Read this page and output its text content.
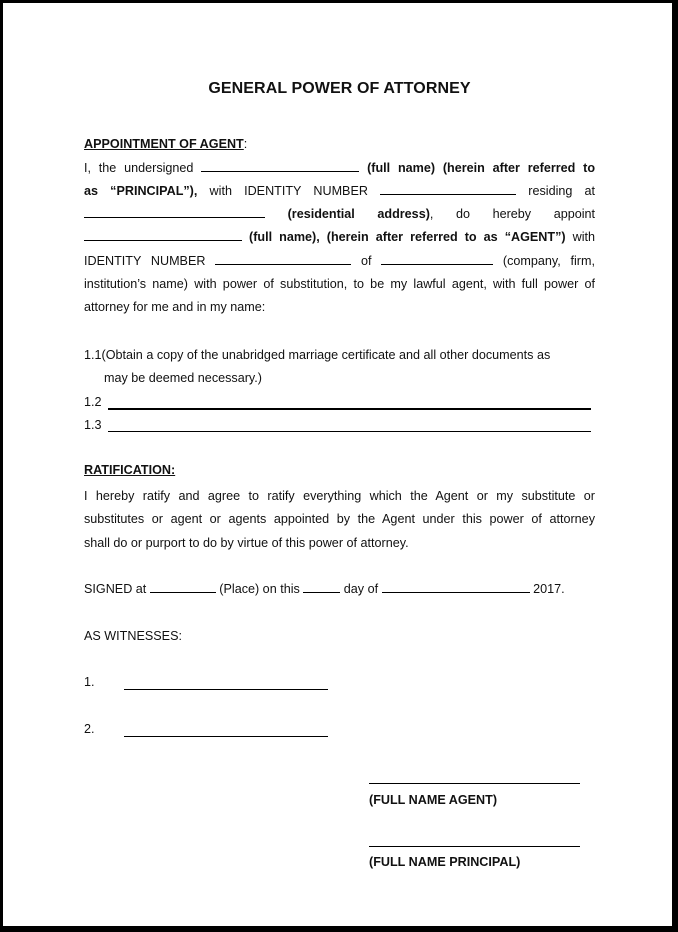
GENERAL POWER OF ATTORNEY
APPOINTMENT OF AGENT:
I, the undersigned	(full name) (herein after referred to
as “PRINCIPAL”), with IDENTITY NUMBER	residing at
(residential address), do hereby appoint
(full name), (herein after referred to as “AGENT”) with
IDENTITY NUMBER	of	(company, firm,
institution’s name) with power of substitution, to be my lawful agent, with full power of
attorney for me and in my name:
1.1(Obtain a copy of the unabridged marriage certificate and all other documents as
may be deemed necessary.)
1.2
1.3
RATIFICATION:
I hereby ratify and agree to ratify everything which the Agent or my substitute or
substitutes or agent or agents appointed by the Agent under this power of attorney
shall do or purport to do by virtue of this power of attorney.
SIGNED at	(Place) on this	day of	2017.
AS WITNESSES:
1.
2.
(FULL NAME AGENT)
(FULL NAME PRINCIPAL)
